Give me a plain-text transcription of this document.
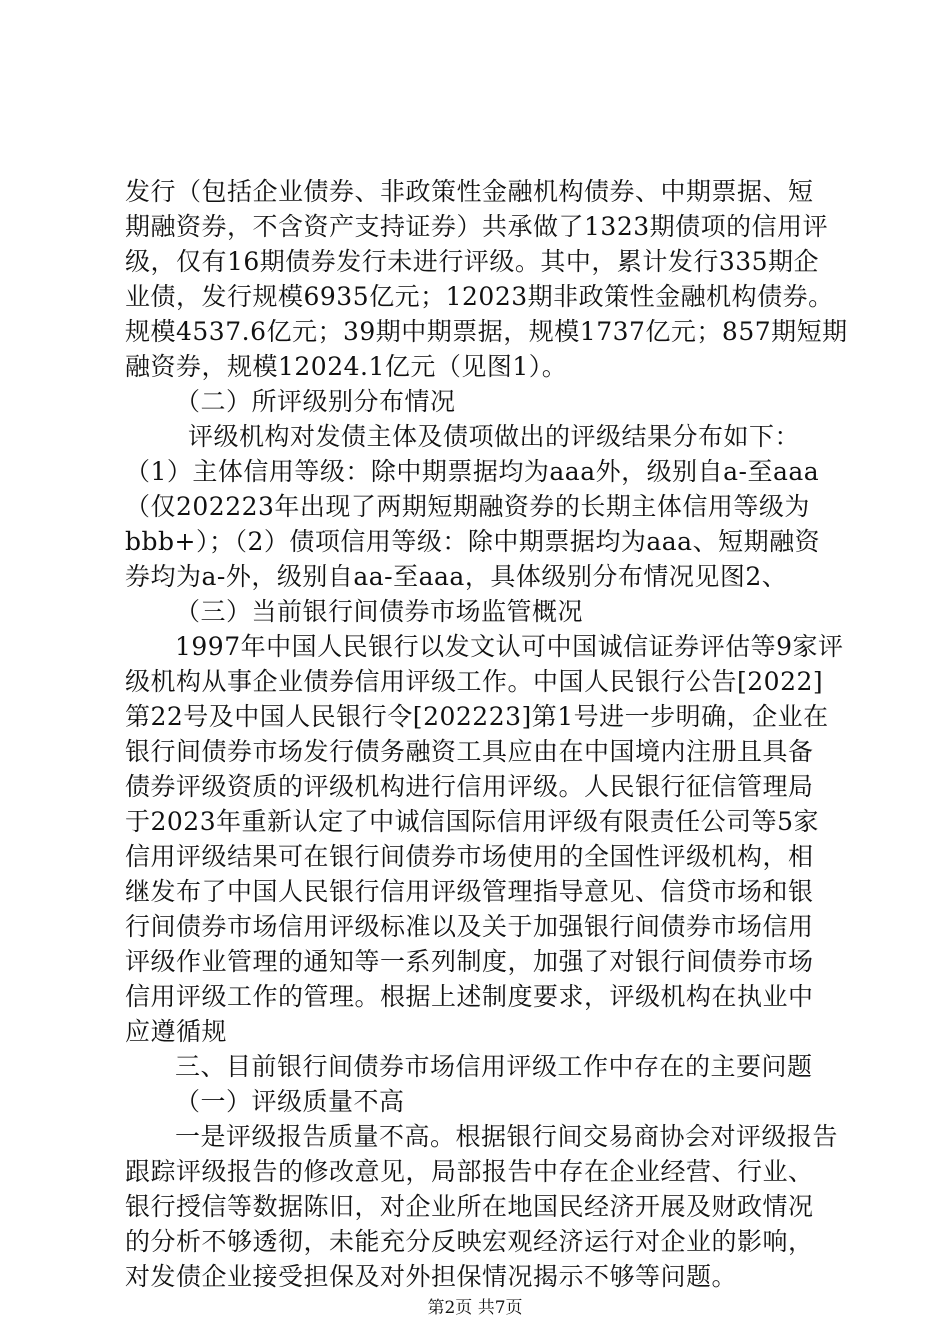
发行（包括企业债券、非政策性金融机构债券、中期票据、短
期融资券，不含资产支持证券）共承做了1323期债项的信用评
级，仅有16期债券发行未进行评级。其中，累计发行335期企
业债，发行规模6935亿元；12023期非政策性金融机构债券。
规模4537.6亿元；39期中期票据，规模1737亿元；857期短期
融资券，规模12024.1亿元（见图1）。
（二）所评级别分布情况
评级机构对发债主体及债项做出的评级结果分布如下：
（1）主体信用等级：除中期票据均为aaa外，级别自a-至aaa
（仅202223年出现了两期短期融资券的长期主体信用等级为
bbb+）；（2）债项信用等级：除中期票据均为aaa、短期融资
券均为a-外，级别自aa-至aaa，具体级别分布情况见图2、
（三）当前银行间债券市场监管概况
1997年中国人民银行以发文认可中国诚信证券评估等9家评
级机构从事企业债券信用评级工作。中国人民银行公告[2022]
第22号及中国人民银行令[202223]第1号进一步明确，企业在
银行间债券市场发行债务融资工具应由在中国境内注册且具备
债券评级资质的评级机构进行信用评级。人民银行征信管理局
于2023年重新认定了中诚信国际信用评级有限责任公司等5家
信用评级结果可在银行间债券市场使用的全国性评级机构，相
继发布了中国人民银行信用评级管理指导意见、信贷市场和银
行间债券市场信用评级标准以及关于加强银行间债券市场信用
评级作业管理的通知等一系列制度，加强了对银行间债券市场
信用评级工作的管理。根据上述制度要求，评级机构在执业中
应遵循规
三、目前银行间债券市场信用评级工作中存在的主要问题
（一）评级质量不高
一是评级报告质量不高。根据银行间交易商协会对评级报告
跟踪评级报告的修改意见，局部报告中存在企业经营、行业、
银行授信等数据陈旧，对企业所在地国民经济开展及财政情况
的分析不够透彻，未能充分反映宏观经济运行对企业的影响，
对发债企业接受担保及对外担保情况揭示不够等问题。
第2页 共7页
